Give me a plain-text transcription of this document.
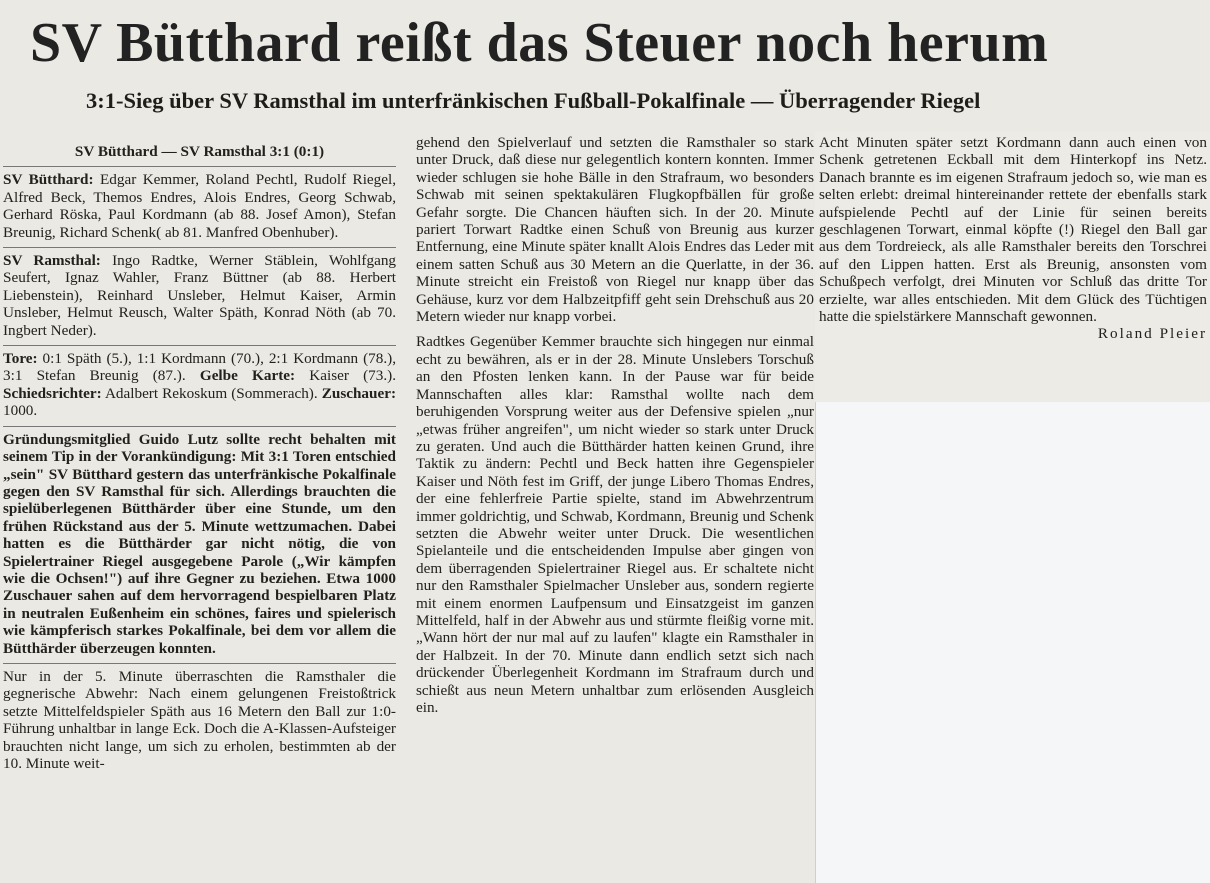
SV Bütthard reißt das Steuer noch herum
3:1-Sieg über SV Ramsthal im unterfränkischen Fußball-Pokalfinale — Überragender Riegel
SV Bütthard — SV Ramsthal 3:1 (0:1)

SV Bütthard: Edgar Kemmer, Roland Pechtl, Rudolf Riegel, Alfred Beck, Themos Endres, Alois Endres, Georg Schwab, Gerhard Röska, Paul Kordmann (ab 88. Josef Amon), Stefan Breunig, Richard Schenk( ab 81. Manfred Obenhuber).

SV Ramsthal: Ingo Radtke, Werner Stäblein, Wohlfgang Seufert, Ignaz Wahler, Franz Büttner (ab 88. Herbert Liebenstein), Reinhard Unsleber, Helmut Kaiser, Armin Unsleber, Helmut Reusch, Walter Späth, Konrad Nöth (ab 70. Ingbert Neder).

Tore: 0:1 Späth (5.), 1:1 Kordmann (70.), 2:1 Kordmann (78.), 3:1 Stefan Breunig (87.). Gelbe Karte: Kaiser (73.). Schiedsrichter: Adalbert Rekoskum (Sommerach). Zuschauer: 1000.

Gründungsmitglied Guido Lutz sollte recht behalten mit seinem Tip in der Vorankündigung: Mit 3:1 Toren entschied „sein" SV Bütthard gestern das unterfränkische Pokalfinale gegen den SV Ramsthal für sich. Allerdings brauchten die spielüberlegenen Bütthärder über eine Stunde, um den frühen Rückstand aus der 5. Minute wettzumachen. Dabei hatten es die Bütthärder gar nicht nötig, die von Spielertrainer Riegel ausgegebene Parole („Wir kämpfen wie die Ochsen!") auf ihre Gegner zu beziehen. Etwa 1000 Zuschauer sahen auf dem hervorragend bespielbaren Platz in neutralen Eußenheim ein schönes, faires und spielerisch wie kämpferisch starkes Pokalfinale, bei dem vor allem die Bütthärder überzeugen konnten.

Nur in der 5. Minute überraschten die Ramsthaler die gegnerische Abwehr: Nach einem gelungenen Freistoßtrick setzte Mittelfeldspieler Späth aus 16 Metern den Ball zur 1:0-Führung unhaltbar in lange Eck. Doch die A-Klassen-Aufsteiger brauchten nicht lange, um sich zu erholen, bestimmten ab der 10. Minute weit-

gehend den Spielverlauf und setzten die Ramsthaler so stark unter Druck, daß diese nur gelegentlich kontern konnten. Immer wieder schlugen sie hohe Bälle in den Strafraum, wo besonders Schwab mit seinen spektakulären Flugkopfbällen für große Gefahr sorgte. Die Chancen häuften sich. In der 20. Minute pariert Torwart Radtke einen Schuß von Breunig aus kurzer Entfernung, eine Minute später knallt Alois Endres das Leder mit einem satten Schuß aus 30 Metern an die Querlatte, in der 36. Minute streicht ein Freistoß von Riegel nur knapp über das Gehäuse, kurz vor dem Halbzeitpfiff geht sein Drehschuß aus 20 Metern wieder nur knapp vorbei.

Radtkes Gegenüber Kemmer brauchte sich hingegen nur einmal echt zu bewähren, als er in der 28. Minute Unslebers Torschuß an den Pfosten lenken kann. In der Pause war für beide Mannschaften alles klar: Ramsthal wollte nach dem beruhigenden Vorsprung weiter aus der Defensive spielen „nur „etwas früher angreifen", um nicht wieder so stark unter Druck zu geraten. Und auch die Bütthärder hatten keinen Grund, ihre Taktik zu ändern: Pechtl und Beck hatten ihre Gegenspieler Kaiser und Nöth fest im Griff, der junge Libero Thomas Endres, der eine fehlerfreie Partie spielte, stand im Abwehrzentrum immer goldrichtig, und Schwab, Kordmann, Breunig und Schenk setzten die Abwehr weiter unter Druck. Die wesentlichen Spielanteile und die entscheidenden Impulse aber gingen von dem überragenden Spielertrainer Riegel aus. Er schaltete nicht nur den Ramsthaler Spielmacher Unsleber aus, sondern regierte mit einem enormen Laufpensum und Einsatzgeist im ganzen Mittelfeld, half in der Abwehr aus und stürmte fleißig vorne mit. „Wann hört der nur mal auf zu laufen" klagte ein Ramsthaler in der Halbzeit. In der 70. Minute dann endlich setzt sich nach drückender Überlegenheit Kordmann im Strafraum durch und schießt aus neun Metern unhaltbar zum erlösenden Ausgleich ein.

Acht Minuten später setzt Kordmann dann auch einen von Schenk getretenen Eckball mit dem Hinterkopf ins Netz. Danach brannte es im eigenen Strafraum jedoch so, wie man es selten erlebt: dreimal hintereinander rettete der ebenfalls stark aufspielende Pechtl auf der Linie für seinen bereits geschlagenen Torwart, einmal köpfte (!) Riegel den Ball gar aus dem Tordreieck, als alle Ramsthaler bereits den Torschrei auf den Lippen hatten. Erst als Breunig, ansonsten vom Schußpech verfolgt, drei Minuten vor Schluß das dritte Tor erzielte, war alles entschieden. Mit dem Glück des Tüchtigen hatte die spielstärkere Mannschaft gewonnen.

Roland Pleier
